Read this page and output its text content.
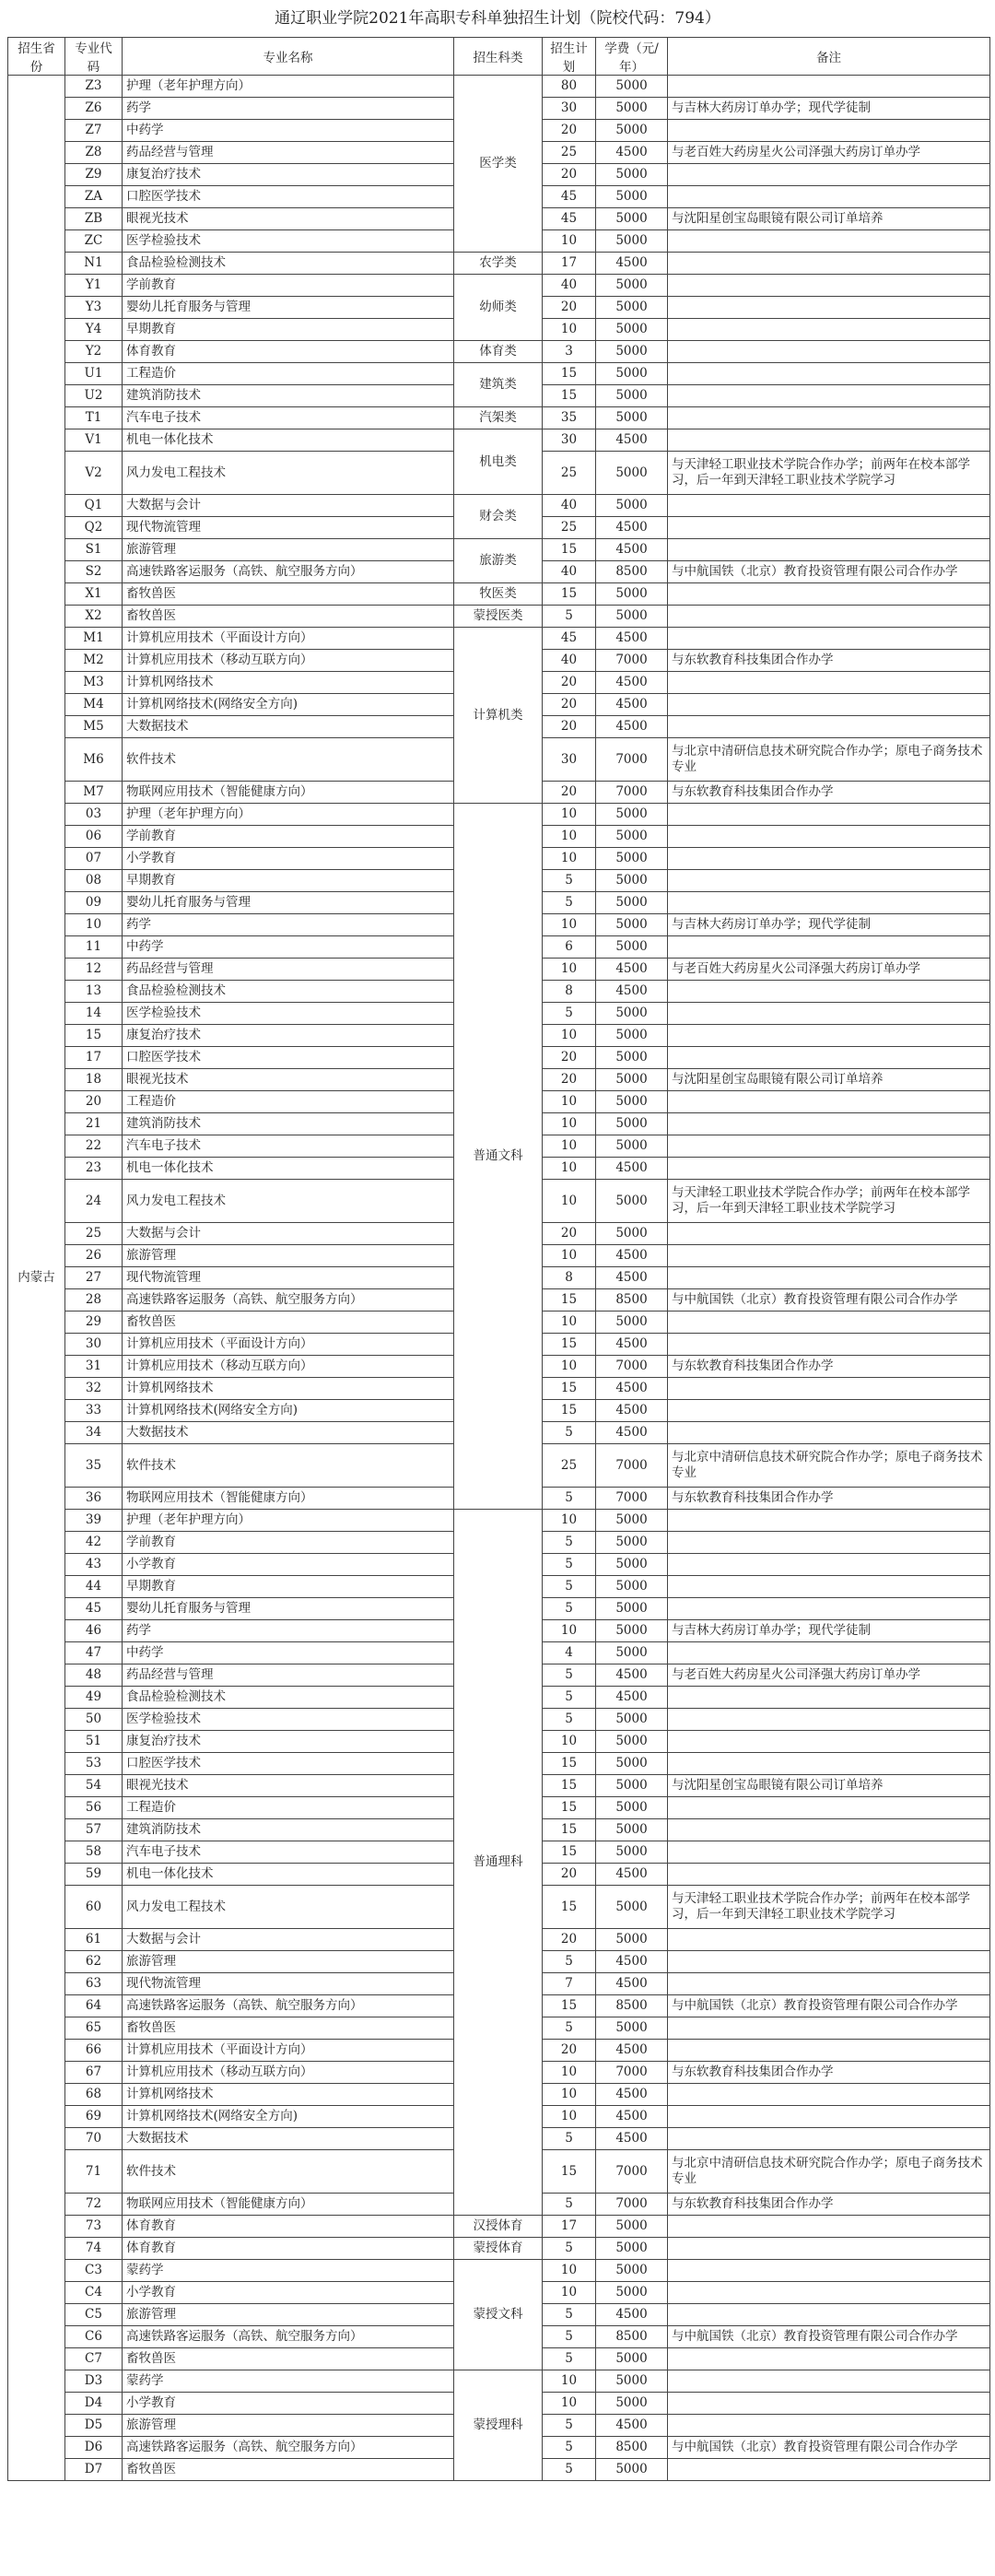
通辽职业学院2021年高职专科单独招生计划（院校代码：794）
招生省份	专业代码	专业名称	招生科类	招生计划	学费（元/年）	备注
内蒙古	Z3	护理（老年护理方向）	医学类	80	5000	
	Z6	药学		30	5000	与吉林大药房订单办学；现代学徒制
	Z7	中药学		20	5000	
	Z8	药品经营与管理		25	4500	与老百姓大药房星火公司泽强大药房订单办学
	Z9	康复治疗技术		20	5000	
	ZA	口腔医学技术		45	5000	
	ZB	眼视光技术		45	5000	与沈阳星创宝岛眼镜有限公司订单培养
	ZC	医学检验技术		10	5000	
	N1	食品检验检测技术	农学类	17	4500	
	Y1	学前教育	幼师类	40	5000	
	Y3	婴幼儿托育服务与管理		20	5000	
	Y4	早期教育		10	5000	
	Y2	体育教育	体育类	3	5000	
	U1	工程造价	建筑类	15	5000	
	U2	建筑消防技术		15	5000	
	T1	汽车电子技术	汽架类	35	5000	
	V1	机电一体化技术	机电类	30	4500	
	V2	风力发电工程技术		25	5000	与天津轻工职业技术学院合作办学；前两年在校本部学习，后一年到天津轻工职业技术学院学习
	Q1	大数据与会计	财会类	40	5000	
	Q2	现代物流管理		25	4500	
	S1	旅游管理	旅游类	15	4500	
	S2	高速铁路客运服务（高铁、航空服务方向）		40	8500	与中航国铁（北京）教育投资管理有限公司合作办学
	X1	畜牧兽医	牧医类	15	5000	
	X2	畜牧兽医	蒙授医类	5	5000	
	M1	计算机应用技术（平面设计方向）	计算机类	45	4500	
	M2	计算机应用技术（移动互联方向）		40	7000	与东软教育科技集团合作办学
	M3	计算机网络技术		20	4500	
	M4	计算机网络技术(网络安全方向)		20	4500	
	M5	大数据技术		20	4500	
	M6	软件技术		30	7000	与北京中清研信息技术研究院合作办学；原电子商务技术专业
	M7	物联网应用技术（智能健康方向）		20	7000	与东软教育科技集团合作办学
	03	护理（老年护理方向）	普通文科	10	5000	
	06	学前教育		10	5000	
	07	小学教育		10	5000	
	08	早期教育		5	5000	
	09	婴幼儿托育服务与管理		5	5000	
	10	药学		10	5000	与吉林大药房订单办学；现代学徒制
	11	中药学		6	5000	
	12	药品经营与管理		10	4500	与老百姓大药房星火公司泽强大药房订单办学
	13	食品检验检测技术		8	4500	
	14	医学检验技术		5	5000	
	15	康复治疗技术		10	5000	
	17	口腔医学技术		20	5000	
	18	眼视光技术		20	5000	与沈阳星创宝岛眼镜有限公司订单培养
	20	工程造价		10	5000	
	21	建筑消防技术		10	5000	
	22	汽车电子技术		10	5000	
	23	机电一体化技术		10	4500	
	24	风力发电工程技术		10	5000	与天津轻工职业技术学院合作办学；前两年在校本部学习，后一年到天津轻工职业技术学院学习
	25	大数据与会计		20	5000	
	26	旅游管理		10	4500	
	27	现代物流管理		8	4500	
	28	高速铁路客运服务（高铁、航空服务方向）		15	8500	与中航国铁（北京）教育投资管理有限公司合作办学
	29	畜牧兽医		10	5000	
	30	计算机应用技术（平面设计方向）		15	4500	
	31	计算机应用技术（移动互联方向）		10	7000	与东软教育科技集团合作办学
	32	计算机网络技术		15	4500	
	33	计算机网络技术(网络安全方向)		15	4500	
	34	大数据技术		5	4500	
	35	软件技术		25	7000	与北京中清研信息技术研究院合作办学；原电子商务技术专业
	36	物联网应用技术（智能健康方向）		5	7000	与东软教育科技集团合作办学
	39	护理（老年护理方向）	普通理科	10	5000	
	42	学前教育		5	5000	
	43	小学教育		5	5000	
	44	早期教育		5	5000	
	45	婴幼儿托育服务与管理		5	5000	
	46	药学		10	5000	与吉林大药房订单办学；现代学徒制
	47	中药学		4	5000	
	48	药品经营与管理		5	4500	与老百姓大药房星火公司泽强大药房订单办学
	49	食品检验检测技术		5	4500	
	50	医学检验技术		5	5000	
	51	康复治疗技术		10	5000	
	53	口腔医学技术		15	5000	
	54	眼视光技术		15	5000	与沈阳星创宝岛眼镜有限公司订单培养
	56	工程造价		15	5000	
	57	建筑消防技术		15	5000	
	58	汽车电子技术		15	5000	
	59	机电一体化技术		20	4500	
	60	风力发电工程技术		15	5000	与天津轻工职业技术学院合作办学；前两年在校本部学习，后一年到天津轻工职业技术学院学习
	61	大数据与会计		20	5000	
	62	旅游管理		5	4500	
	63	现代物流管理		7	4500	
	64	高速铁路客运服务（高铁、航空服务方向）		15	8500	与中航国铁（北京）教育投资管理有限公司合作办学
	65	畜牧兽医		5	5000	
	66	计算机应用技术（平面设计方向）		20	4500	
	67	计算机应用技术（移动互联方向）		10	7000	与东软教育科技集团合作办学
	68	计算机网络技术		10	4500	
	69	计算机网络技术(网络安全方向)		10	4500	
	70	大数据技术		5	4500	
	71	软件技术		15	7000	与北京中清研信息技术研究院合作办学；原电子商务技术专业
	72	物联网应用技术（智能健康方向）		5	7000	与东软教育科技集团合作办学
	73	体育教育	汉授体育	17	5000	
	74	体育教育	蒙授体育	5	5000	
	C3	蒙药学	蒙授文科	10	5000	
	C4	小学教育		10	5000	
	C5	旅游管理		5	4500	
	C6	高速铁路客运服务（高铁、航空服务方向）		5	8500	与中航国铁（北京）教育投资管理有限公司合作办学
	C7	畜牧兽医		5	5000	
	D3	蒙药学	蒙授理科	10	5000	
	D4	小学教育		10	5000	
	D5	旅游管理		5	4500	
	D6	高速铁路客运服务（高铁、航空服务方向）		5	8500	与中航国铁（北京）教育投资管理有限公司合作办学
	D7	畜牧兽医		5	5000	
